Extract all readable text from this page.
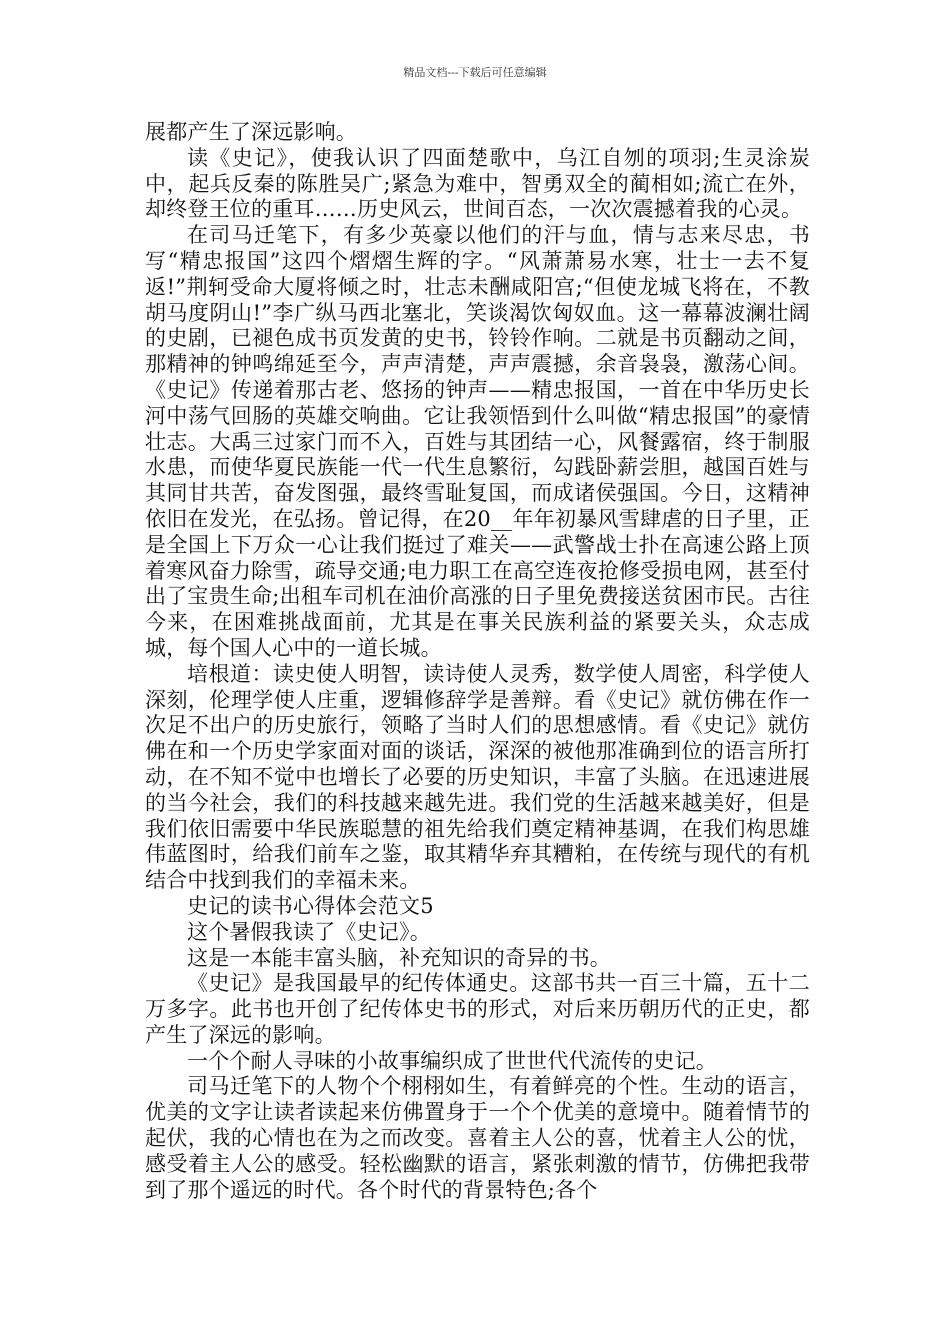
精品文档---下载后可任意编辑

展都产生了深远影响。

读《史记》，使我认识了四面楚歌中，乌江自刎的项羽;生灵涂炭中，起兵反秦的陈胜吴广;紧急为难中，智勇双全的蔺相如;流亡在外，却终登王位的重耳……历史风云，世间百态，一次次震撼着我的心灵。

在司马迁笔下，有多少英豪以他们的汗与血，情与志来尽忠，书写“精忠报国”这四个熠熠生辉的字。“风萧萧易水寒，壮士一去不复返!”荆轲受命大厦将倾之时，壮志未酬咸阳宫;“但使龙城飞将在，不教胡马度阴山!”李广纵马西北塞北，笑谈渴饮匈奴血。这一幕幕波澜壮阔的史剧，已褪色成书页发黄的史书，铃铃作响。二就是书页翻动之间，那精神的钟鸣绵延至今，声声清楚，声声震撼，余音袅袅，激荡心间。《史记》传递着那古老、悠扬的钟声——精忠报国，一首在中华历史长河中荡气回肠的英雄交响曲。它让我领悟到什么叫做“精忠报国”的豪情壮志。大禹三过家门而不入，百姓与其团结一心，风餐露宿，终于制服水患，而使华夏民族能一代一代生息繁衍，勾践卧薪尝胆，越国百姓与其同甘共苦，奋发图强，最终雪耻复国，而成诸侯强国。今日，这精神依旧在发光，在弘扬。曾记得，在20__年年初暴风雪肆虐的日子里，正是全国上下万众一心让我们挺过了难关——武警战士扑在高速公路上顶着寒风奋力除雪，疏导交通;电力职工在高空连夜抢修受损电网，甚至付出了宝贵生命;出租车司机在油价高涨的日子里免费接送贫困市民。古往今来，在困难挑战面前，尤其是在事关民族利益的紧要关头，众志成城，每个国人心中的一道长城。

培根道：读史使人明智，读诗使人灵秀，数学使人周密，科学使人深刻，伦理学使人庄重，逻辑修辞学是善辩。看《史记》就仿佛在作一次足不出户的历史旅行，领略了当时人们的思想感情。看《史记》就仿佛在和一个历史学家面对面的谈话，深深的被他那准确到位的语言所打动，在不知不觉中也增长了必要的历史知识，丰富了头脑。在迅速进展的当今社会，我们的科技越来越先进。我们党的生活越来越美好，但是我们依旧需要中华民族聪慧的祖先给我们奠定精神基调，在我们构思雄伟蓝图时，给我们前车之鉴，取其精华弃其糟粕，在传统与现代的有机结合中找到我们的幸福未来。

史记的读书心得体会范文5

这个暑假我读了《史记》。

这是一本能丰富头脑，补充知识的奇异的书。

《史记》是我国最早的纪传体通史。这部书共一百三十篇，五十二万多字。此书也开创了纪传体史书的形式，对后来历朝历代的正史，都产生了深远的影响。

一个个耐人寻味的小故事编织成了世世代代流传的史记。

司马迁笔下的人物个个栩栩如生，有着鲜亮的个性。生动的语言，优美的文字让读者读起来仿佛置身于一个个优美的意境中。随着情节的起伏，我的心情也在为之而改变。喜着主人公的喜，忧着主人公的忧，感受着主人公的感受。轻松幽默的语言，紧张刺激的情节，仿佛把我带到了那个遥远的时代。各个时代的背景特色;各个
